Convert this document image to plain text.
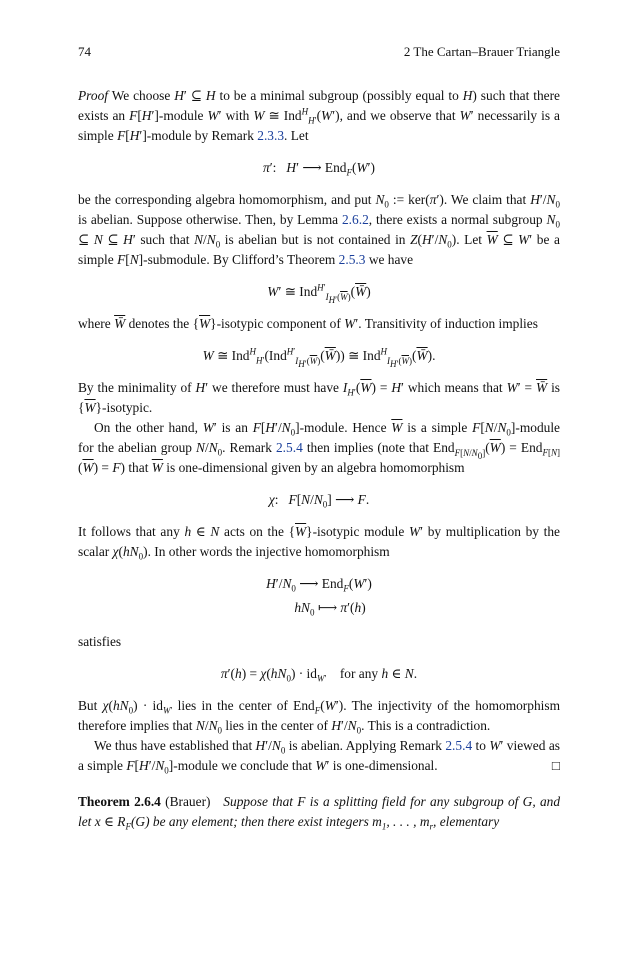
74	2 The Cartan–Brauer Triangle

Proof We choose H′ ⊆ H to be a minimal subgroup (possibly equal to H) such that there exists an F[H′]-module W′ with W ≅ Ind$^H_{H'}$(W′), and we observe that W′ necessarily is a simple F[H′]-module by Remark 2.3.3. Let

π′:   H′ ⟶ End$_F$(W′)

be the corresponding algebra homomorphism, and put $N_0$ := ker(π′). We claim that $H'/N_0$ is abelian. Suppose otherwise. Then, by Lemma 2.6.2, there exists a normal subgroup $N_0$ ⊆ N ⊆ H′ such that $N/N_0$ is abelian but is not contained in $Z(H'/N_0)$. Let $\overline{W}$ ⊆ W′ be a simple F[N]-submodule. By Clifford’s Theorem 2.5.3 we have

W′ ≅ Ind$^{H'}_{I_{H'}(\overline{W})}$(W̄)

where W̄ denotes the $\{\overline{W}\}$-isotypic component of W′. Transitivity of induction implies

W ≅ Ind$^H_{H'}$(Ind$^{H'}_{I_{H'}(\overline{W})}$(W̄)) ≅ Ind$^H_{I_{H'}(\overline{W})}$(W̄).

By the minimality of H′ we therefore must have $I_{H'}(\overline{W}) = H'$ which means that W′ = W̄ is $\{\overline{W}\}$-isotypic.

On the other hand, W′ is an $F[H'/N_0]$-module. Hence $\overline{W}$ is a simple $F[N/N_0]$-module for the abelian group $N/N_0$. Remark 2.5.4 then implies (note that $End_{F[N/N_0]}(\overline{W}) = End_{F[N]}(\overline{W}) = F$) that $\overline{W}$ is one-dimensional given by an algebra homomorphism

χ:   $F[N/N_0]$ ⟶ F.

It follows that any h ∈ N acts on the $\{\overline{W}\}$-isotypic module W′ by multiplication by the scalar $\chi(hN_0)$. In other words the injective homomorphism

$H'/N_0$ ⟶ End$_F$(W′)
$hN_0$ ⟼ π′(h)

satisfies

$\pi'(h) = \chi(hN_0) \cdot id_{W'}$ for any h ∈ N.

But $\chi(hN_0) \cdot id_{W'}$ lies in the center of End$_F$(W′). The injectivity of the homomorphism therefore implies that $N/N_0$ lies in the center of $H'/N_0$. This is a contradiction.

We thus have established that $H'/N_0$ is abelian. Applying Remark 2.5.4 to W′ viewed as a simple $F[H'/N_0]$-module we conclude that W′ is one-dimensional.	□

Theorem 2.6.4 (Brauer) Suppose that F is a splitting field for any subgroup of G, and let x ∈ $R_F(G)$ be any element; then there exist integers $m_1$, . . . , $m_r$, elementary
